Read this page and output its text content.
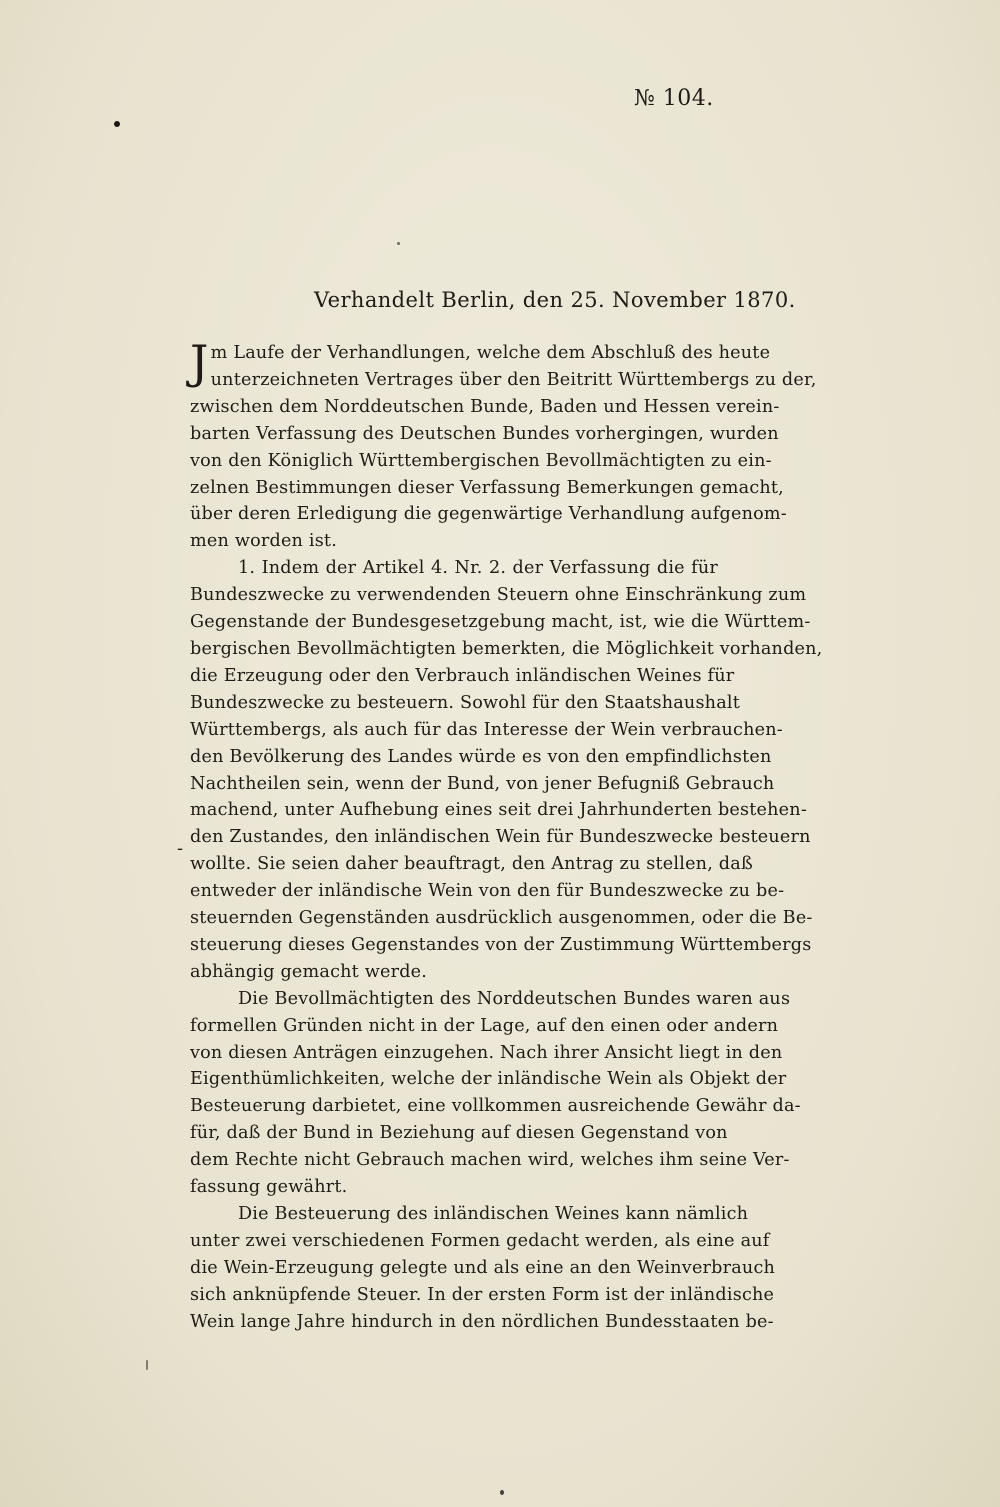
№ 104.
Verhandelt Berlin, den 25. November 1870.
J m Laufe der Verhandlungen, welche dem Abschluß des heute
unterzeichneten Vertrages über den Beitritt Württembergs zu der,
zwischen dem Norddeutschen Bunde, Baden und Hessen verein-
barten Verfassung des Deutschen Bundes vorhergingen, wurden
von den Königlich Württembergischen Bevollmächtigten zu ein-
zelnen Bestimmungen dieser Verfassung Bemerkungen gemacht,
über deren Erledigung die gegenwärtige Verhandlung aufgenom-
men worden ist.
1. Indem der Artikel 4. Nr. 2. der Verfassung die für
Bundeszwecke zu verwendenden Steuern ohne Einschränkung zum
Gegenstande der Bundesgesetzgebung macht, ist, wie die Württem-
bergischen Bevollmächtigten bemerkten, die Möglichkeit vorhanden,
die Erzeugung oder den Verbrauch inländischen Weines für
Bundeszwecke zu besteuern. Sowohl für den Staatshaushalt
Württembergs, als auch für das Interesse der Wein verbrauchen-
den Bevölkerung des Landes würde es von den empfindlichsten
Nachtheilen sein, wenn der Bund, von jener Befugniß Gebrauch
machend, unter Aufhebung eines seit drei Jahrhunderten bestehen-
den Zustandes, den inländischen Wein für Bundeszwecke besteuern
wollte. Sie seien daher beauftragt, den Antrag zu stellen, daß
entweder der inländische Wein von den für Bundeszwecke zu be-
steuernden Gegenständen ausdrücklich ausgenommen, oder die Be-
steuerung dieses Gegenstandes von der Zustimmung Württembergs
abhängig gemacht werde.
Die Bevollmächtigten des Norddeutschen Bundes waren aus
formellen Gründen nicht in der Lage, auf den einen oder andern
von diesen Anträgen einzugehen. Nach ihrer Ansicht liegt in den
Eigenthümlichkeiten, welche der inländische Wein als Objekt der
Besteuerung darbietet, eine vollkommen ausreichende Gewähr da-
für, daß der Bund in Beziehung auf diesen Gegenstand von
dem Rechte nicht Gebrauch machen wird, welches ihm seine Ver-
fassung gewährt.
Die Besteuerung des inländischen Weines kann nämlich
unter zwei verschiedenen Formen gedacht werden, als eine auf
die Wein-Erzeugung gelegte und als eine an den Weinverbrauch
sich anknüpfende Steuer. In der ersten Form ist der inländische
Wein lange Jahre hindurch in den nördlichen Bundesstaaten be-
-
